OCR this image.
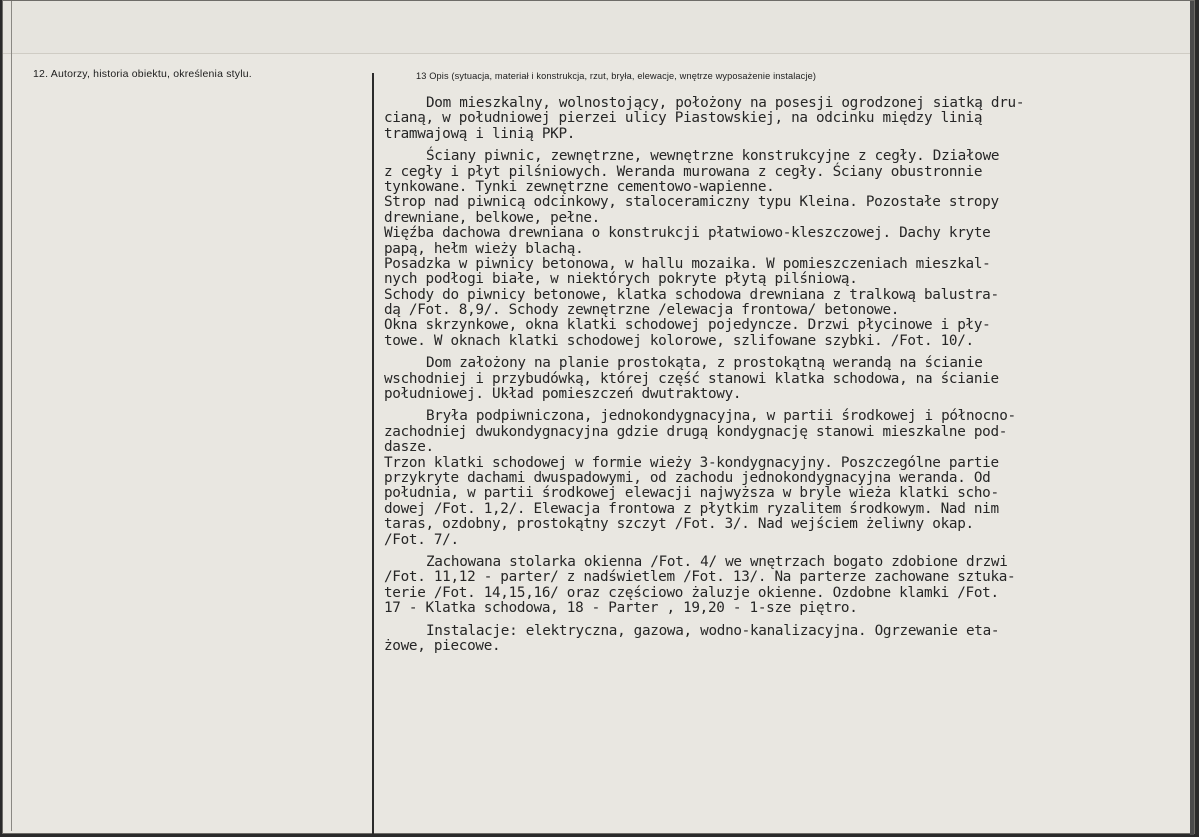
12. Autorzy, historia obiektu, określenia stylu.	13 Opis (sytuacja, materiał i konstrukcja, rzut, bryła, elewacje, wnętrze wyposażenie instalacje)
Dom mieszkalny, wolnostojący, położony na posesji ogrodzonej siatką dru-
cianą, w południowej pierzei ulicy Piastowskiej, na odcinku między linią
tramwajową i linią PKP.
Ściany piwnic, zewnętrzne, wewnętrzne konstrukcyjne z cegły. Działowe
z cegły i płyt pilśniowych. Weranda murowana z cegły. Ściany obustronnie
tynkowane. Tynki zewnętrzne cementowo-wapienne.
Strop nad piwnicą odcinkowy, stalоceramiczny typu Kleina. Pozostałe stropy
drewniane, belkowe, pełne.
Więźba dachowa drewniana o konstrukcji płatwiowo-kleszczowej. Dachy kryte
papą, hełm wieży blachą.
Posadzka w piwnicy betonowa, w hallu mozaika. W pomieszczeniach mieszkal-
nych podłogi białe, w niektórych pokryte płytą pilśniową.
Schody do piwnicy betonowe, klatka schodowa drewniana z tralkową balustra-
dą /Fot. 8,9/. Schody zewnętrzne /elewacja frontowa/ betonowe.
Okna skrzynkowe, okna klatki schodowej pojedyncze. Drzwi płycinowe i pły-
towe. W oknach klatki schodowej kolorowe, szlifowane szybki. /Fot. 10/.
Dom założony na planie prostokąta, z prostokątną werandą na ścianie
wschodniej i przybudówką, której część stanowi klatka schodowa, na ścianie
południowej. Układ pomieszczeń dwutraktowy.
Bryła podpiwniczona, jednokondygnacyjna, w partii środkowej i północno-
zachodniej dwukondygnacyjna gdzie drugą kondygnację stanowi mieszkalne pod-
dasze.
Trzon klatki schodowej w formie wieży 3-kondygnacyjny. Poszczególne partie
przykryte dachami dwuspadowymi, od zachodu jednokondygnacyjna weranda. Od
południa, w partii środkowej elewacji najwyższa w bryle wieża klatki scho-
dowej /Fot. 1,2/. Elewacja frontowa z płytkim ryzalitem środkowym. Nad nim
taras, ozdobny, prostokątny szczyt /Fot. 3/. Nad wejściem żeliwny okap.
/Fot. 7/.
Zachowana stolarka okienna /Fot. 4/ we wnętrzach bogato zdobione drzwi
/Fot. 11,12 - parter/ z nadświetlem /Fot. 13/. Na parterze zachowane sztuka-
terie /Fot. 14,15,16/ oraz częściowo żaluzje okienne. Ozdobne klamki /Fot.
17 - Klatka schodowa, 18 - Parter , 19,20 - 1-sze piętro.
Instalacje: elektryczna, gazowa, wodno-kanalizacyjna. Ogrzewanie eta-
żowe, piecowe.
